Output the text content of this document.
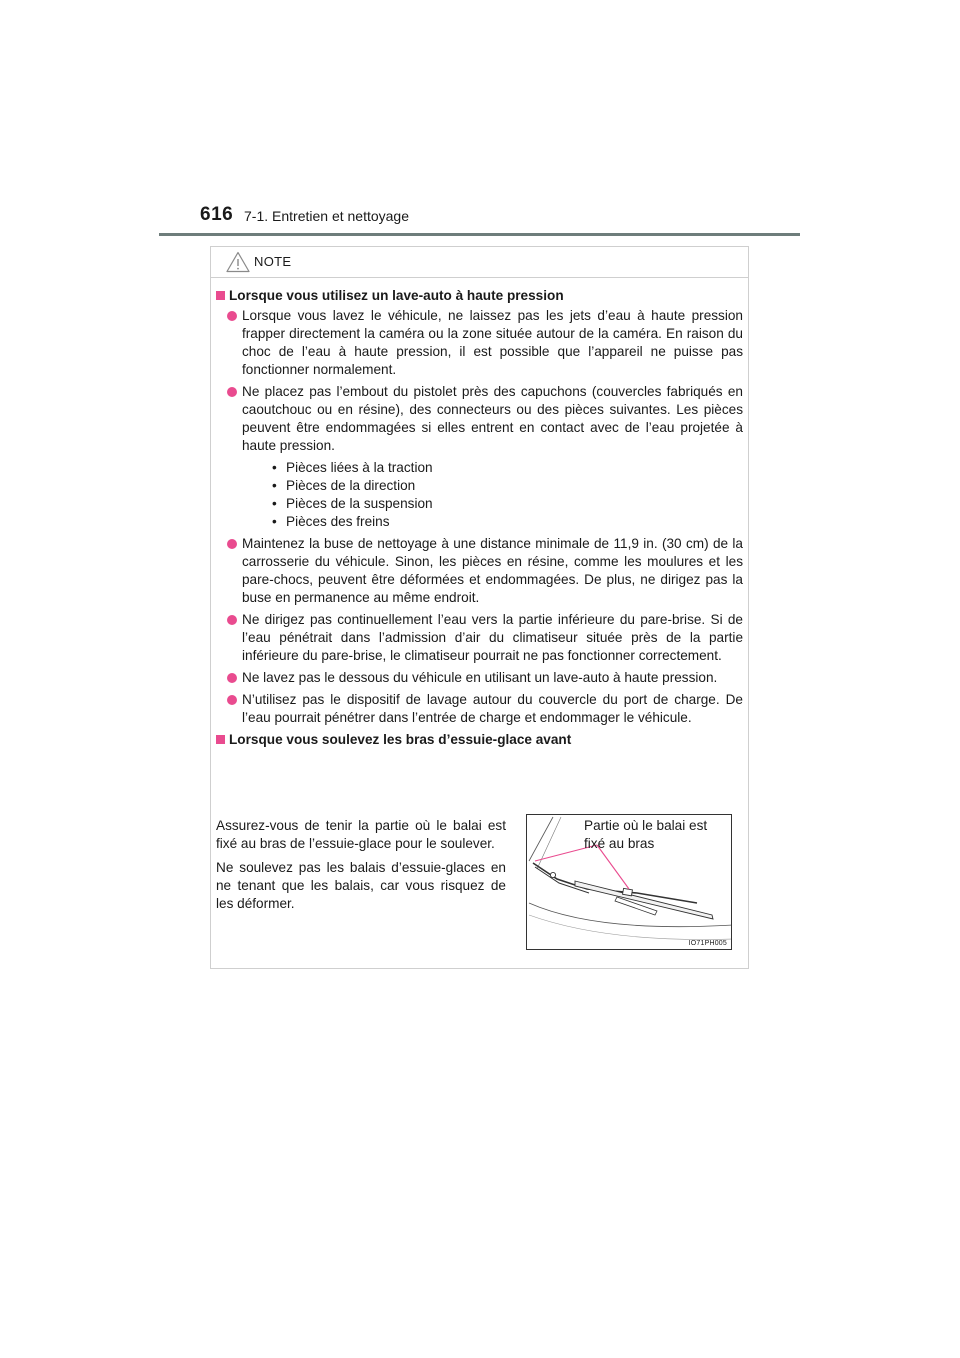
616 7-1. Entretien et nettoyage
NOTE
Lorsque vous utilisez un lave-auto à haute pression
Lorsque vous lavez le véhicule, ne laissez pas les jets d’eau à haute pression frapper directement la caméra ou la zone située autour de la caméra. En raison du choc de l’eau à haute pression, il est possible que l’appareil ne puisse pas fonctionner normalement.
Ne placez pas l’embout du pistolet près des capuchons (couvercles fabriqués en caoutchouc ou en résine), des connecteurs ou des pièces suivantes. Les pièces peuvent être endommagées si elles entrent en contact avec de l’eau projetée à haute pression.
• Pièces liées à la traction
• Pièces de la direction
• Pièces de la suspension
• Pièces des freins
Maintenez la buse de nettoyage à une distance minimale de 11,9 in. (30 cm) de la carrosserie du véhicule. Sinon, les pièces en résine, comme les moulures et les pare-chocs, peuvent être déformées et endommagées. De plus, ne dirigez pas la buse en permanence au même endroit.
Ne dirigez pas continuellement l’eau vers la partie inférieure du pare-brise. Si de l’eau pénétrait dans l’admission d’air du climatiseur située près de la partie inférieure du pare-brise, le climatiseur pourrait ne pas fonctionner correctement.
Ne lavez pas le dessous du véhicule en utilisant un lave-auto à haute pression.
N’utilisez pas le dispositif de lavage autour du couvercle du port de charge. De l’eau pourrait pénétrer dans l’entrée de charge et endommager le véhicule.
Lorsque vous soulevez les bras d’essuie-glace avant

Assurez-vous de tenir la partie où le balai est fixé au bras de l’essuie-glace pour le soulever.

Ne soulevez pas les balais d’essuie-glaces en ne tenant que les balais, car vous risquez de les déformer.

Partie où le balai est
fixé au bras
IO71PH005
